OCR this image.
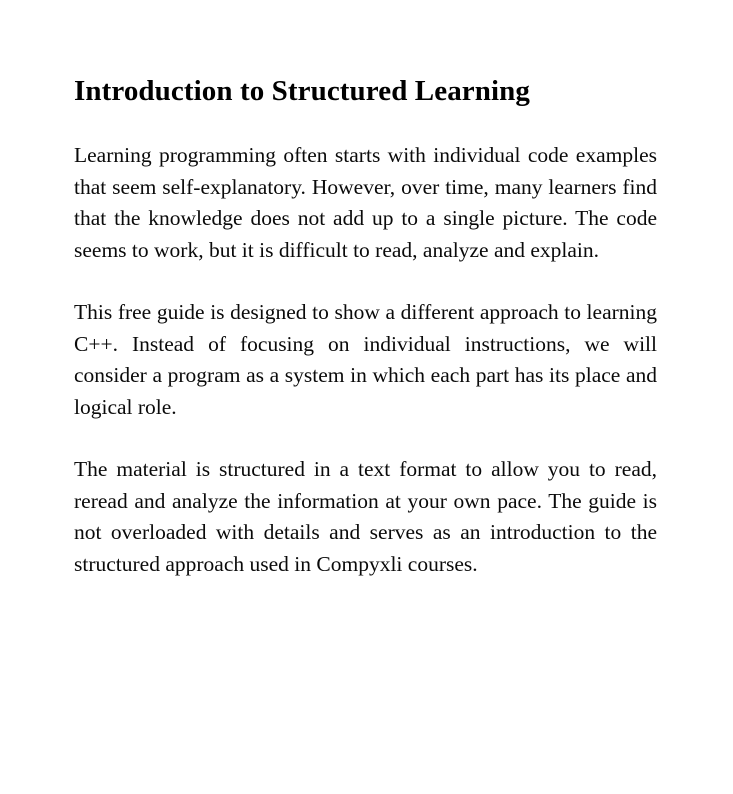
Introduction to Structured Learning

Learning programming often starts with individual code examples that seem self-explanatory. However, over time, many learners find that the knowledge does not add up to a single picture. The code seems to work, but it is difficult to read, analyze and explain.

This free guide is designed to show a different approach to learning C++. Instead of focusing on individual instructions, we will consider a program as a system in which each part has its place and logical role.

The material is structured in a text format to allow you to read, reread and analyze the information at your own pace. The guide is not overloaded with details and serves as an introduction to the structured approach used in Compyxli courses.
